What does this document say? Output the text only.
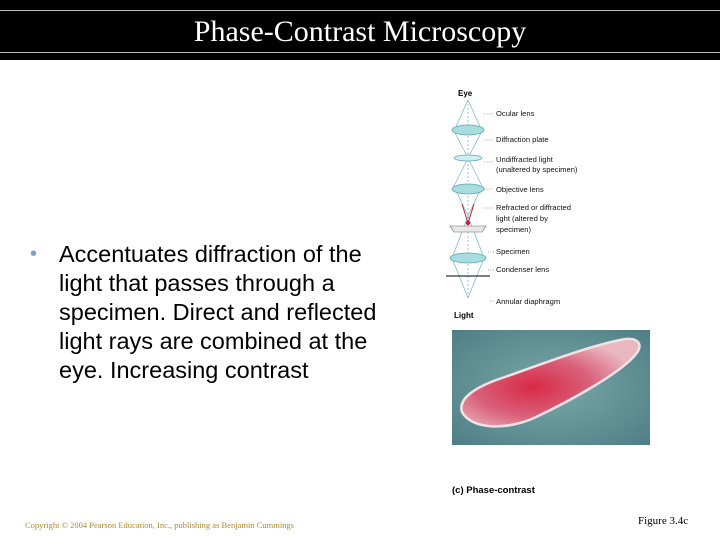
Phase-Contrast Microscopy
• Accentuates diffraction of the light that passes through a specimen. Direct and reflected light rays are combined at the eye. Increasing contrast
Eye
Light
Ocular lens
Diffraction plate
Undiffracted light
(unaltered by specimen)
Objective lens
Refracted or diffracted
light (altered by
specimen)
Specimen
Condenser lens
Annular diaphragm
(c) Phase-contrast
Copyright © 2004 Pearson Education, Inc., publishing as Benjamin Cummings	Figure 3.4c
